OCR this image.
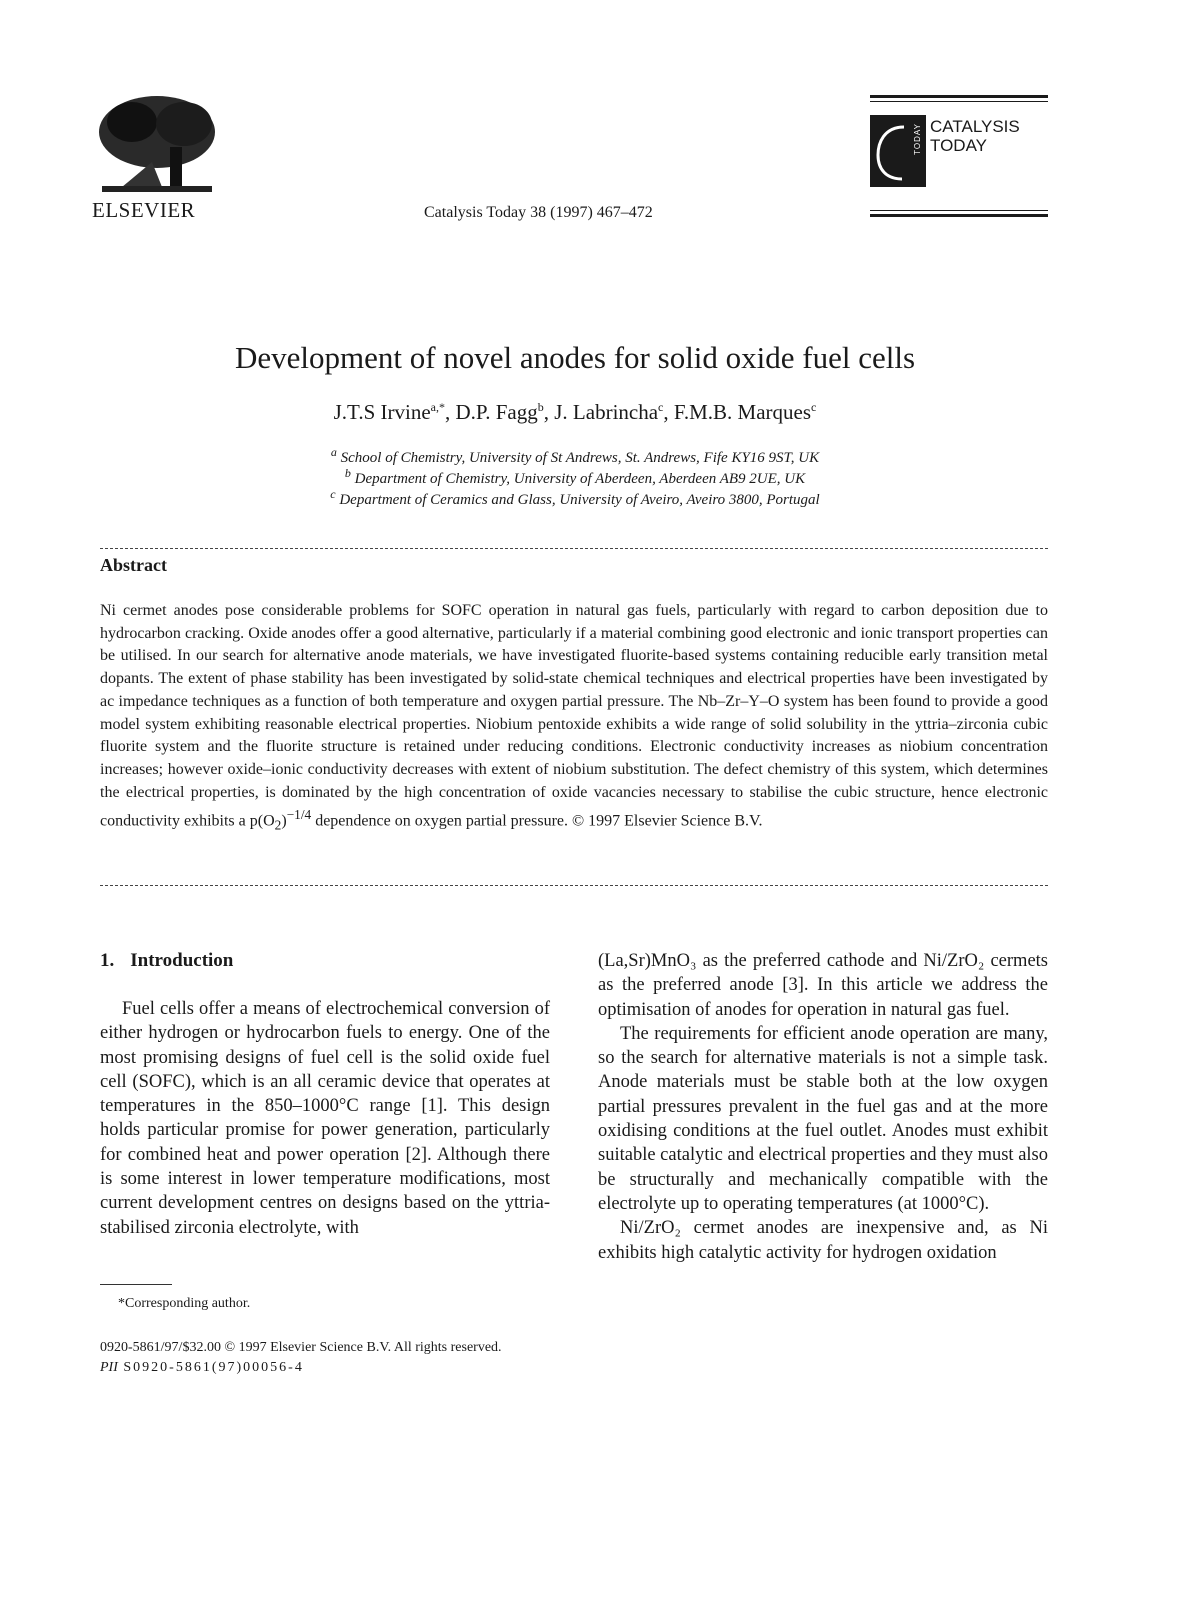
ELSEVIER	Catalysis Today 38 (1997) 467–472
TODAY CATALYSIS TODAY
Development of novel anodes for solid oxide fuel cells
J.T.S Irvine$^{a,*}$, D.P. Fagg$^b$, J. Labrincha$^c$, F.M.B. Marques$^c$
$^a$ School of Chemistry, University of St Andrews, St. Andrews, Fife KY16 9ST, UK
$^b$ Department of Chemistry, University of Aberdeen, Aberdeen AB9 2UE, UK
$^c$ Department of Ceramics and Glass, University of Aveiro, Aveiro 3800, Portugal
Abstract
Ni cermet anodes pose considerable problems for SOFC operation in natural gas fuels, particularly with regard to carbon deposition due to hydrocarbon cracking. Oxide anodes offer a good alternative, particularly if a material combining good electronic and ionic transport properties can be utilised. In our search for alternative anode materials, we have investigated fluorite-based systems containing reducible early transition metal dopants. The extent of phase stability has been investigated by solid-state chemical techniques and electrical properties have been investigated by ac impedance techniques as a function of both temperature and oxygen partial pressure. The Nb–Zr–Y–O system has been found to provide a good model system exhibiting reasonable electrical properties. Niobium pentoxide exhibits a wide range of solid solubility in the yttria–zirconia cubic fluorite system and the fluorite structure is retained under reducing conditions. Electronic conductivity increases as niobium concentration increases; however oxide–ionic conductivity decreases with extent of niobium substitution. The defect chemistry of this system, which determines the electrical properties, is dominated by the high concentration of oxide vacancies necessary to stabilise the cubic structure, hence electronic conductivity exhibits a $p(O_2)^{-1/4}$ dependence on oxygen partial pressure. © 1997 Elsevier Science B.V.
1. Introduction

Fuel cells offer a means of electrochemical conversion of either hydrogen or hydrocarbon fuels to energy. One of the most promising designs of fuel cell is the solid oxide fuel cell (SOFC), which is an all ceramic device that operates at temperatures in the 850–1000°C range [1]. This design holds particular promise for power generation, particularly for combined heat and power operation [2]. Although there is some interest in lower temperature modifications, most current development centres on designs based on the yttria-stabilised zirconia electrolyte, with

(La,Sr)MnO₃ as the preferred cathode and Ni/ZrO₂ cermets as the preferred anode [3]. In this article we address the optimisation of anodes for operation in natural gas fuel.

The requirements for efficient anode operation are many, so the search for alternative materials is not a simple task. Anode materials must be stable both at the low oxygen partial pressures prevalent in the fuel gas and at the more oxidising conditions at the fuel outlet. Anodes must exhibit suitable catalytic and electrical properties and they must also be structurally and mechanically compatible with the electrolyte up to operating temperatures (at 1000°C).

Ni/ZrO₂ cermet anodes are inexpensive and, as Ni exhibits high catalytic activity for hydrogen oxidation

*Corresponding author.
0920-5861/97/$32.00 © 1997 Elsevier Science B.V. All rights reserved.
PII S0920-5861(97)00056-4
